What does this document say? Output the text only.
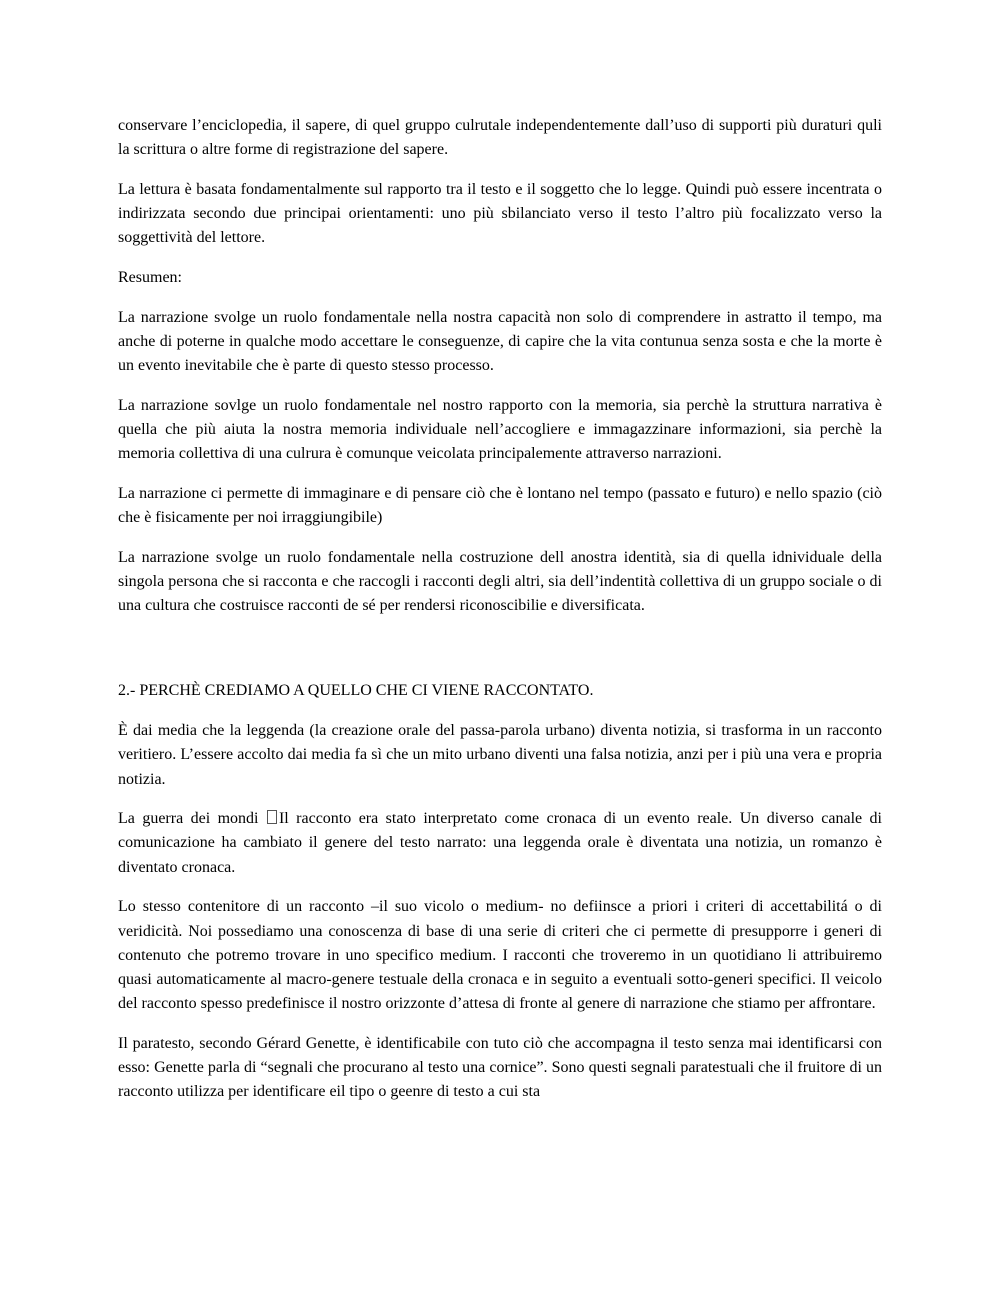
conservare l’enciclopedia, il sapere, di quel gruppo culrutale independentemente dall’uso di supporti più duraturi quli la scrittura o altre forme di registrazione del sapere.

La lettura è basata fondamentalmente sul rapporto tra il testo e il soggetto che lo legge. Quindi può essere incentrata o indirizzata secondo due principai orientamenti: uno più sbilanciato verso il testo l’altro più focalizzato verso la soggettività del lettore.

Resumen:

La narrazione svolge un ruolo fondamentale nella nostra capacità non solo di comprendere in astratto il tempo, ma anche di poterne in qualche modo accettare le conseguenze, di capire che la vita contunua senza sosta e che la morte è un evento inevitabile che è parte di questo stesso processo.

La narrazione sovlge un ruolo fondamentale nel nostro rapporto con la memoria, sia perchè la struttura narrativa è quella che più aiuta la nostra memoria individuale nell’accogliere e immagazzinare informazioni, sia perchè la memoria collettiva di una culrura è comunque veicolata principalemente attraverso narrazioni.

La narrazione ci permette di immaginare e di pensare ciò che è lontano nel tempo (passato e futuro) e nello spazio (ciò che è fisicamente per noi irraggiungibile)

La narrazione svolge un ruolo fondamentale nella costruzione dell anostra identità, sia di quella idnividuale della singola persona che si racconta e che raccogli i racconti degli altri, sia dell’indentità collettiva di un gruppo sociale o di una cultura che costruisce racconti de sé per rendersi riconoscibilie e diversificata.

2.- PERCHÈ CREDIAMO A QUELLO CHE CI VIENE RACCONTATO.

È dai media che la leggenda (la creazione orale del passa-parola urbano) diventa notizia, si trasforma in un racconto veritiero. L’essere accolto dai media fa sì che un mito urbano diventi una falsa notizia, anzi per i più una vera e propria notizia.

La guerra dei mondi Il racconto era stato interpretato come cronaca di un evento reale. Un diverso canale di comunicazione ha cambiato il genere del testo narrato: una leggenda orale è diventata una notizia, un romanzo è diventato cronaca.

Lo stesso contenitore di un racconto –il suo vicolo o medium- no defiinsce a priori i criteri di accettabilitá o di veridicità. Noi possediamo una conoscenza di base di una serie di criteri che ci permette di presupporre i generi di contenuto che potremo trovare in uno specifico medium. I racconti che troveremo in un quotidiano li attribuiremo quasi automaticamente al macro-genere testuale della cronaca e in seguito a eventuali sotto-generi specifici. Il veicolo del racconto spesso predefinisce il nostro orizzonte d’attesa di fronte al genere di narrazione che stiamo per affrontare.

Il paratesto, secondo Gérard Genette, è identificabile con tuto ciò che accompagna il testo senza mai identificarsi con esso: Genette parla di “segnali che procurano al testo una cornice”. Sono questi segnali paratestuali che il fruitore di un racconto utilizza per identificare eil tipo o geenre di testo a cui sta
